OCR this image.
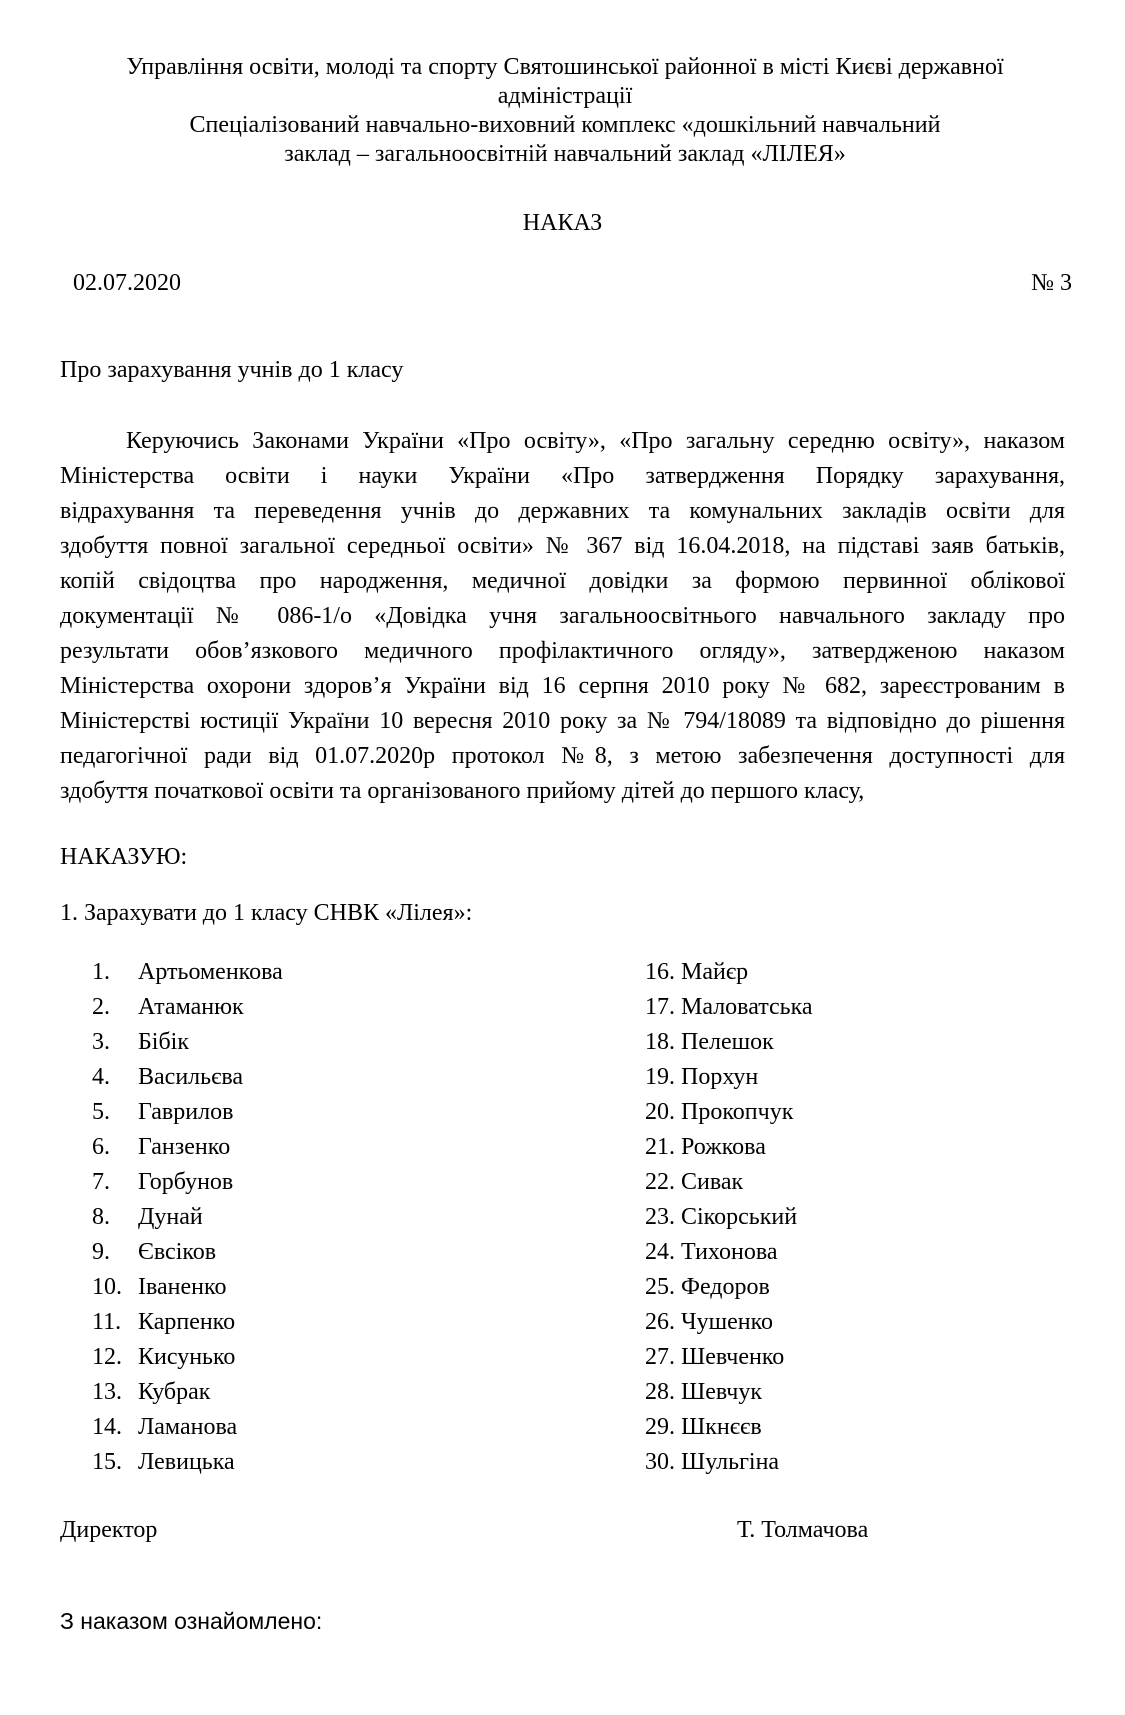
Управління освіти, молоді та спорту Святошинської районної в місті Києві державної
адміністрації
Спеціалізований навчально-виховний комплекс «дошкільний навчальний
заклад – загальноосвітній навчальний заклад «ЛІЛЕЯ»
НАКАЗ
02.07.2020	№ 3
Про зарахування учнів до 1 класу
Керуючись Законами України «Про освіту», «Про загальну середню освіту», наказом
Міністерства освіти і науки України «Про затвердження Порядку зарахування,
відрахування та переведення учнів до державних та комунальних закладів освіти для
здобуття повної загальної середньої освіти» № 367 від 16.04.2018, на підставі заяв батьків,
копій свідоцтва про народження, медичної довідки за формою первинної облікової
документації № 086-1/о «Довідка учня загальноосвітнього навчального закладу про
результати обов’язкового медичного профілактичного огляду», затвердженою наказом
Міністерства охорони здоров’я України від 16 серпня 2010 року № 682, зареєстрованим в
Міністерстві юстиції України 10 вересня 2010 року за № 794/18089 та відповідно до рішення
педагогічної ради від 01.07.2020р протокол №8, з метою забезпечення доступності для
здобуття початкової освіти та організованого прийому дітей до першого класу,
НАКАЗУЮ:
1. Зарахувати до 1 класу СНВК «Лілея»:
1. Артьоменкова
2. Атаманюк
3. Бібік
4. Васильєва
5. Гаврилов
6. Ганзенко
7. Горбунов
8. Дунай
9. Євсіков
10. Іваненко
11. Карпенко
12. Кисунько
13. Кубрак
14. Ламанова
15. Левицька
16. Майєр
17. Маловатська
18. Пелешок
19. Порхун
20. Прокопчук
21. Рожкова
22. Сивак
23. Сікорський
24. Тихонова
25. Федоров
26. Чушенко
27. Шевченко
28. Шевчук
29. Шкнєєв
30. Шульгіна
Директор	Т. Толмачова
З наказом ознайомлено:
